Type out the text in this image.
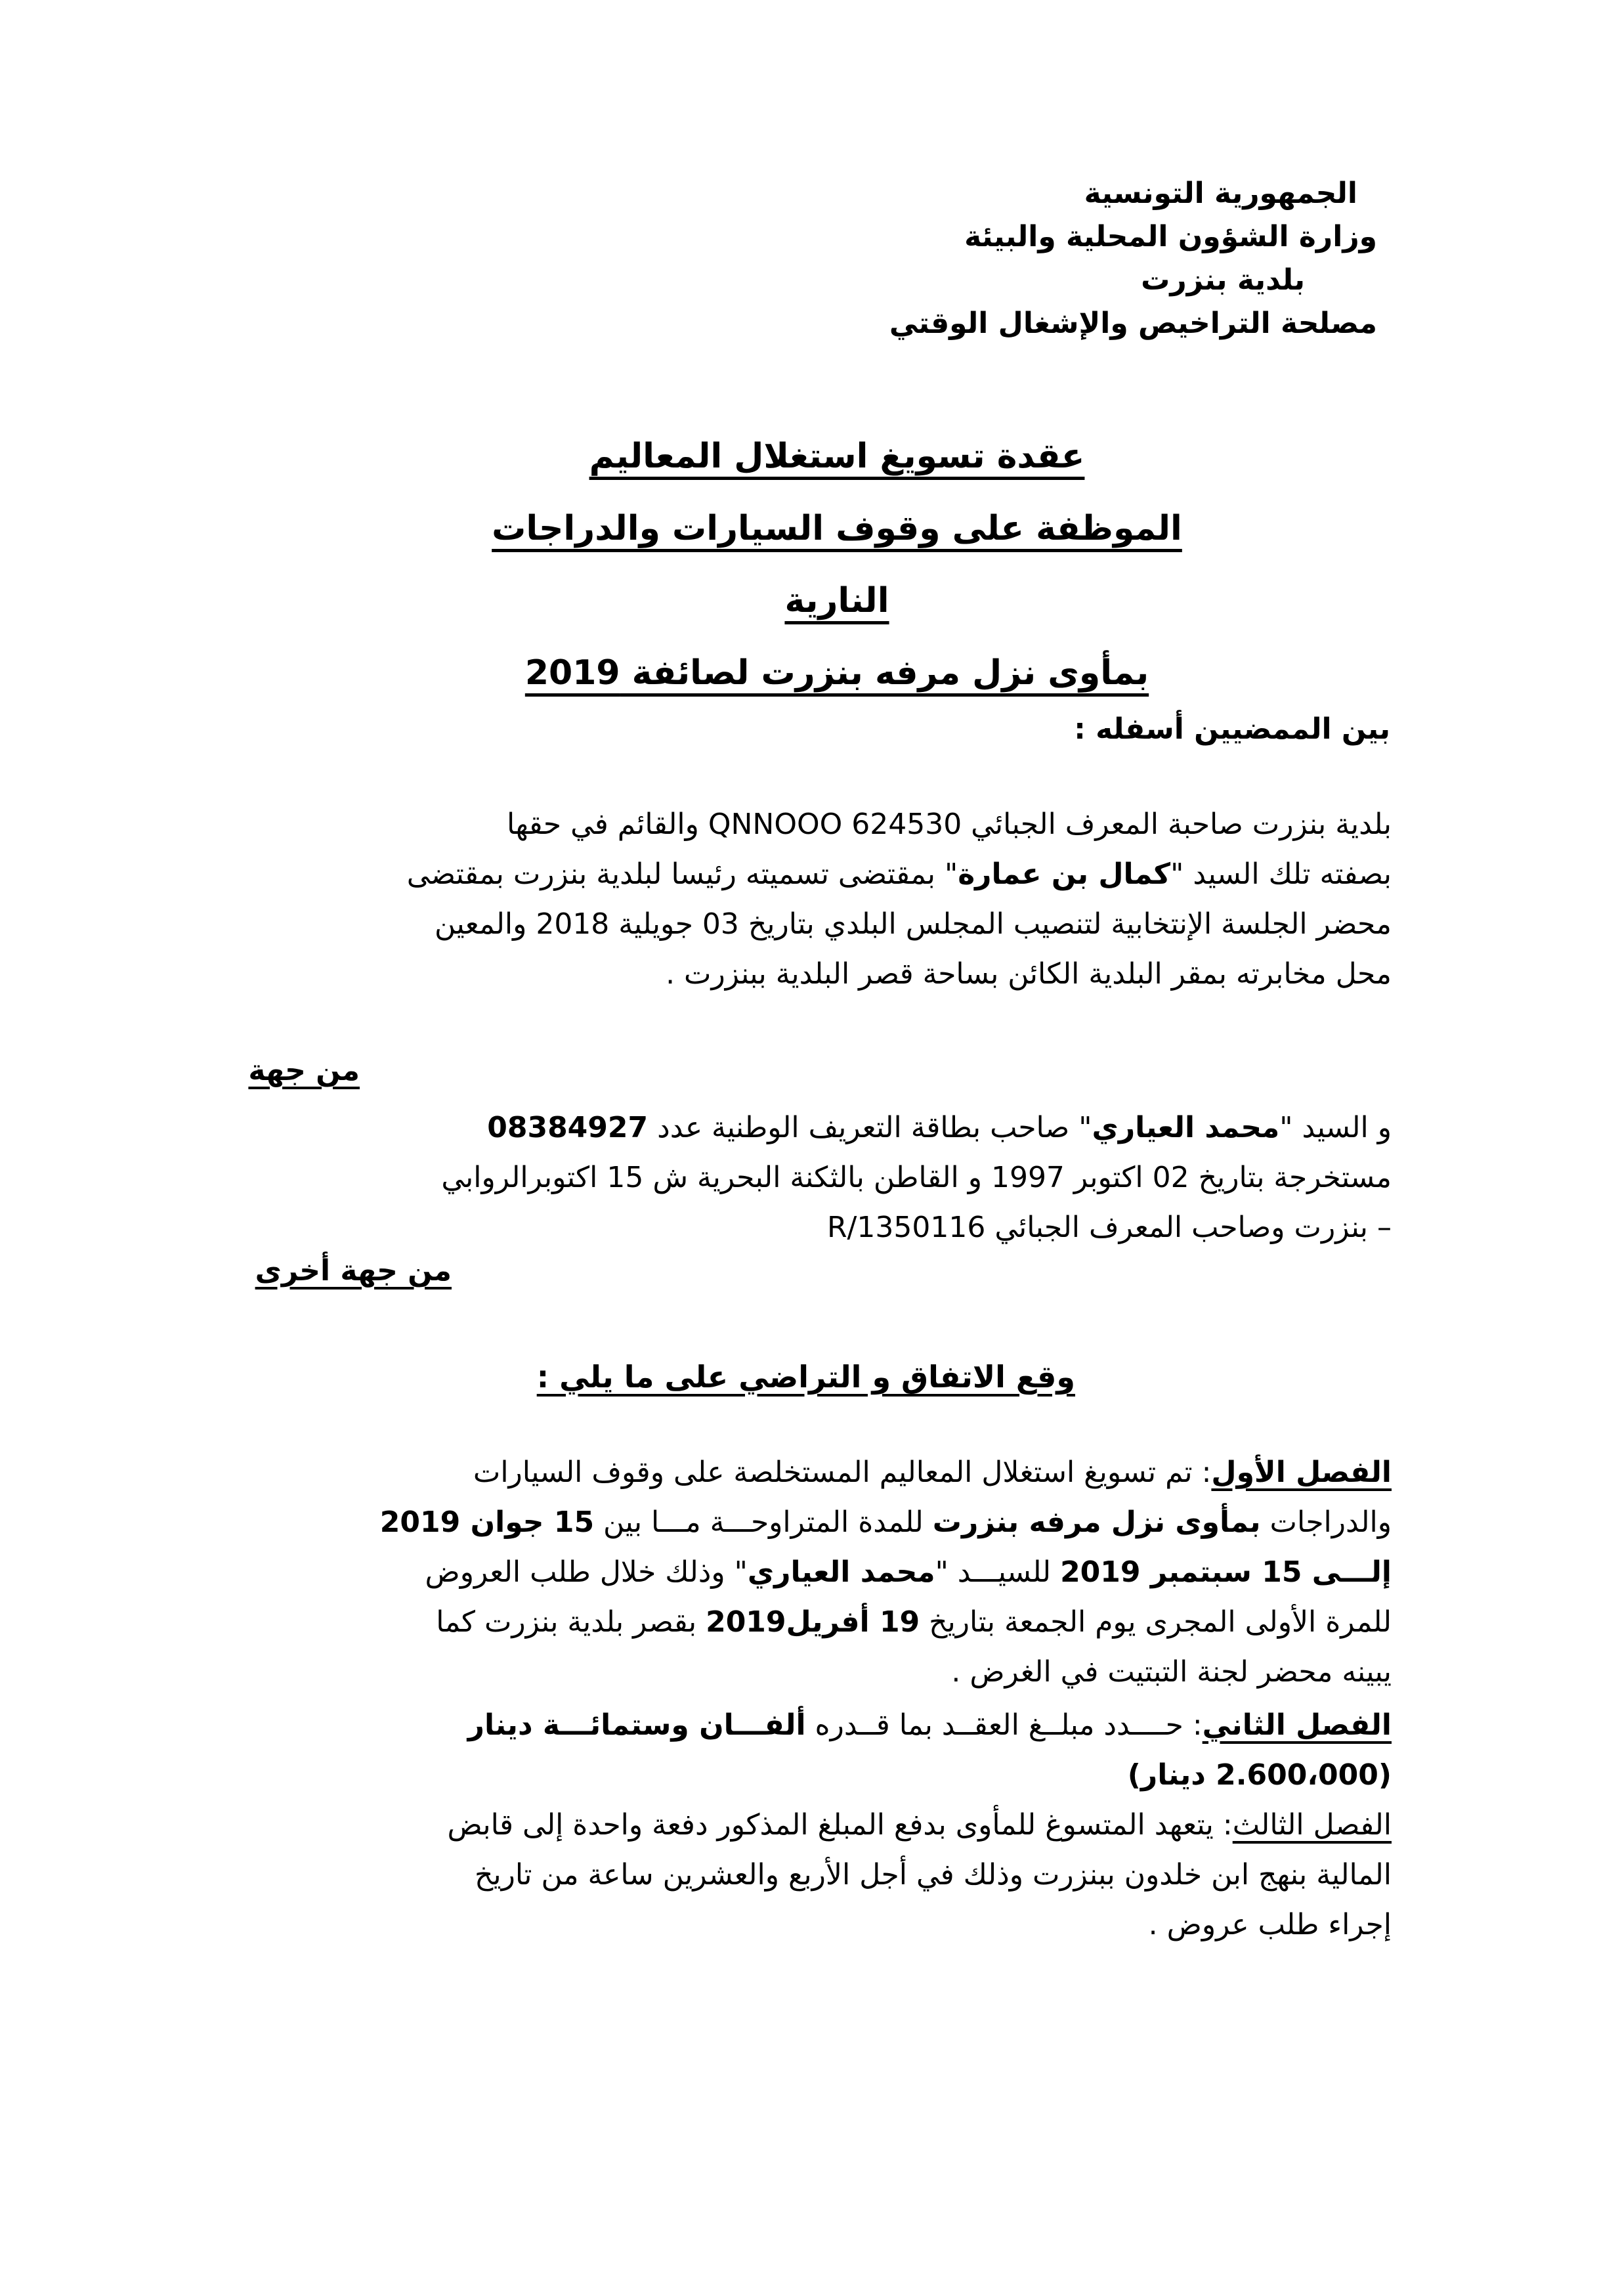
الجمهورية التونسية
وزارة الشؤون المحلية والبيئة
بلدية بنزرت
مصلحة التراخيص والإشغال الوقتي
عقدة تسويغ استغلال المعاليم
الموظفة على وقوف السيارات والدراجات النارية
بمأوى نزل مرفه بنزرت لصائفة 2019
بين الممضيين أسفله :
بلدية بنزرت صاحبة المعرف الجبائي 624530 QNNOOO والقائم في حقها
بصفته تلك السيد "كمال بن عمارة" بمقتضى تسميته رئيسا لبلدية بنزرت بمقتضى
محضر الجلسة الإنتخابية لتنصيب المجلس البلدي بتاريخ 03 جويلية 2018 والمعين
محل مخابرته بمقر البلدية الكائن بساحة قصر البلدية ببنزرت .
من جهة
و السيد "محمد العياري" صاحب بطاقة التعريف الوطنية عدد 08384927
مستخرجة بتاريخ 02 اكتوبر 1997 و القاطن بالثكنة البحرية ش 15 اكتوبرالروابي
– بنزرت وصاحب المعرف الجبائي 1350116/R
من جهة أخرى
وقع الاتفاق و التراضي على ما يلي :
الفصل الأول: تم تسويغ استغلال المعاليم المستخلصة على وقوف السيارات
والدراجات بمأوى نزل مرفه بنزرت للمدة المتراوحـــة مـــا بين 15 جوان 2019
إلـــى 15 سبتمبر 2019 للسيـــد "محمد العياري" وذلك خلال طلب العروض
للمرة الأولى المجرى يوم الجمعة بتاريخ 19 أفريل2019 بقصر بلدية بنزرت كما
يبينه محضر لجنة التبتيت في الغرض .
الفصل الثاني: حــــدد مبلــغ العقــد بما قــدره ألفـــان وستمائـــة دينار
(2.600،000 دينار)
الفصل الثالث: يتعهد المتسوغ للمأوى بدفع المبلغ المذكور دفعة واحدة إلى قابض
المالية بنهج ابن خلدون ببنزرت وذلك في أجل الأربع والعشرين ساعة من تاريخ
إجراء طلب عروض .
